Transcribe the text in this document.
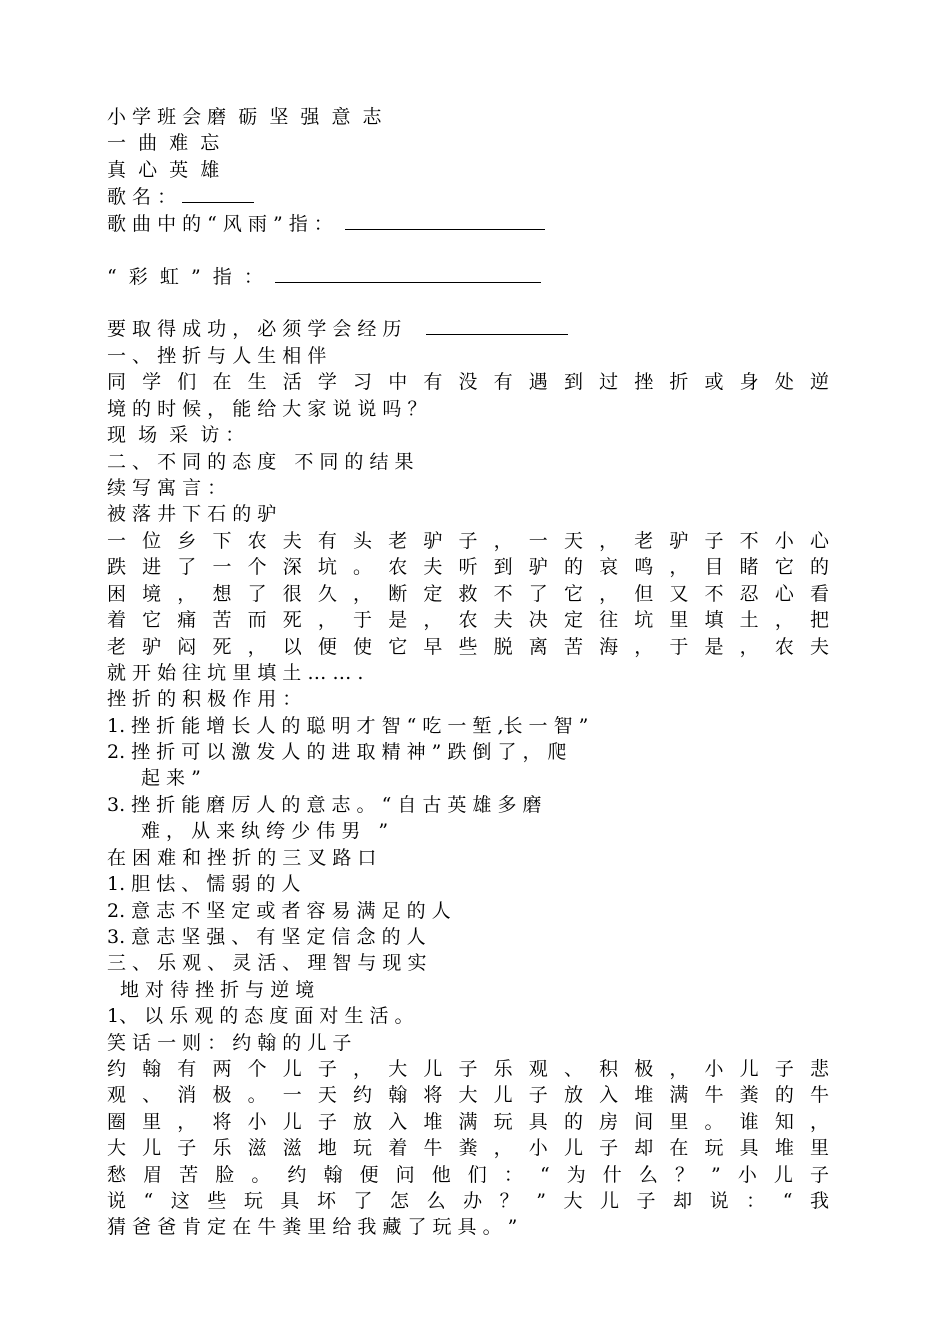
小 学 班 会 磨  砺  坚  强  意  志
一  曲  难  忘
真  心  英  雄
歌 名 ：
歌 曲 中 的 “ 风 雨 ” 指 ：
“  彩  虹  ”  指  ：
要 取 得 成 功 ， 必 须 学 会 经 历
一 、 挫 折 与 人 生 相 伴
同学们在生活学习中有没有遇到过挫折或身处逆
境 的 时 候 ， 能 给 大 家 说 说 吗 ？
现  场  采  访 ：
二 、 不 同 的 态 度   不 同 的 结 果
续 写 寓 言 ：
被 落 井 下 石 的 驴
一位乡下农夫有头老驴子，一天，老驴子不小心
跌进了一个深坑。农夫听到驴的哀鸣，目睹它的
困境，想了很久，断定救不了它，但又不忍心看
着它痛苦而死，于是，农夫决定往坑里填土，把
老驴闷死，以便使它早些脱离苦海，于是，农夫
就 开 始 往 坑 里 填 土 … … .
挫 折 的 积 极 作 用 ：
1. 挫 折 能 增 长 人 的 聪 明 才 智 “ 吃 一 堑 ,长 一 智 ”
2. 挫 折 可 以 激 发 人 的 进 取 精 神 ” 跌 倒 了 ， 爬
起 来 ”
3. 挫 折 能 磨 厉 人 的 意 志 。 “ 自 古 英 雄 多 磨
难 ， 从 来 纨 绔 少 伟 男   ”
在 困 难 和 挫 折 的 三 叉 路 口
1. 胆 怯 、 懦 弱 的 人
2. 意 志 不 坚 定 或 者 容 易 满 足 的 人
3. 意 志 坚 强 、 有 坚 定 信 念 的 人
三 、 乐 观 、 灵 活 、 理 智 与 现 实
地 对 待 挫 折 与 逆 境
1、 以 乐 观 的 态 度 面 对 生 活 。
笑 话 一 则 ： 约 翰 的 儿 子
约翰有两个儿子，大儿子乐观、积极，小儿子悲
观、消极。一天约翰将大儿子放入堆满牛粪的牛
圈里，将小儿子放入堆满玩具的房间里。谁知，
大儿子乐滋滋地玩着牛粪，小儿子却在玩具堆里
愁眉苦脸。约翰便问他们：“为什么？”小儿子
说“这些玩具坏了怎么办？”大儿子却说：“我
猜 爸 爸 肯 定 在 牛 粪 里 给 我 藏 了 玩 具 。 ”
